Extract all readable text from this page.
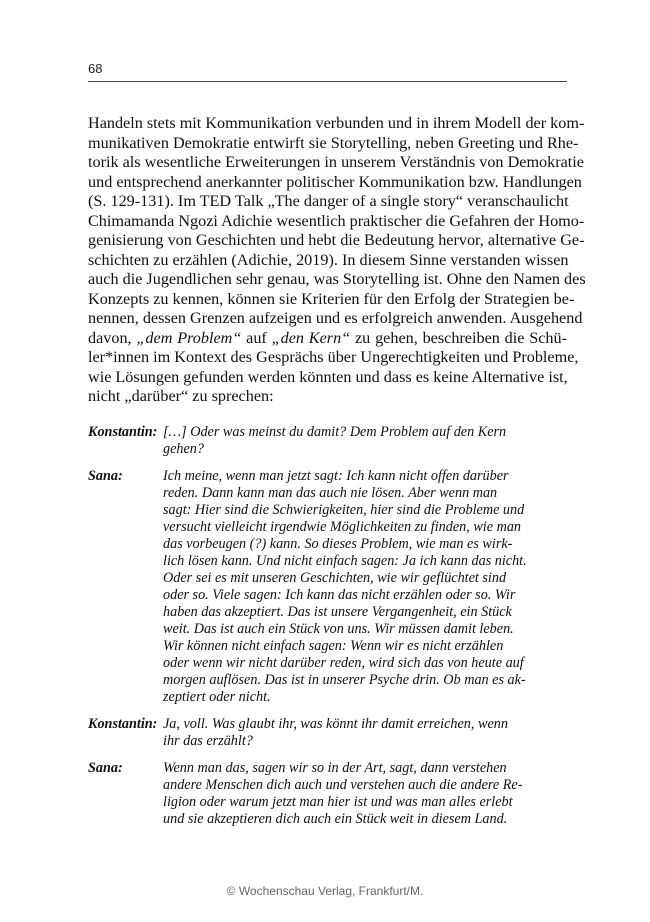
68
Handeln stets mit Kommunikation verbunden und in ihrem Modell der kom-
munikativen Demokratie entwirft sie Storytelling, neben Greeting und Rhe-
torik als wesentliche Erweiterungen in unserem Verständnis von Demokratie
und entsprechend anerkannter politischer Kommunikation bzw. Handlungen
(S. 129-131). Im TED Talk „The danger of a single story“ veranschaulicht
Chimamanda Ngozi Adichie wesentlich praktischer die Gefahren der Homo-
genisierung von Geschichten und hebt die Bedeutung hervor, alternative Ge-
schichten zu erzählen (Adichie, 2019). In diesem Sinne verstanden wissen
auch die Jugendlichen sehr genau, was Storytelling ist. Ohne den Namen des
Konzepts zu kennen, können sie Kriterien für den Erfolg der Strategien be-
nennen, dessen Grenzen aufzeigen und es erfolgreich anwenden. Ausgehend
davon, „dem Problem“ auf „den Kern“ zu gehen, beschreiben die Schü-
ler*innen im Kontext des Gesprächs über Ungerechtigkeiten und Probleme,
wie Lösungen gefunden werden könnten und dass es keine Alternative ist,
nicht „darüber“ zu sprechen:
Konstantin: […] Oder was meinst du damit? Dem Problem auf den Kern
gehen?
Sana:	Ich meine, wenn man jetzt sagt: Ich kann nicht offen darüber
reden. Dann kann man das auch nie lösen. Aber wenn man
sagt: Hier sind die Schwierigkeiten, hier sind die Probleme und
versucht vielleicht irgendwie Möglichkeiten zu finden, wie man
das vorbeugen (?) kann. So dieses Problem, wie man es wirk-
lich lösen kann. Und nicht einfach sagen: Ja ich kann das nicht.
Oder sei es mit unseren Geschichten, wie wir geflüchtet sind
oder so. Viele sagen: Ich kann das nicht erzählen oder so. Wir
haben das akzeptiert. Das ist unsere Vergangenheit, ein Stück
weit. Das ist auch ein Stück von uns. Wir müssen damit leben.
Wir können nicht einfach sagen: Wenn wir es nicht erzählen
oder wenn wir nicht darüber reden, wird sich das von heute auf
morgen auflösen. Das ist in unserer Psyche drin. Ob man es ak-
zeptiert oder nicht.
Konstantin: Ja, voll. Was glaubt ihr, was könnt ihr damit erreichen, wenn
ihr das erzählt?
Sana:	Wenn man das, sagen wir so in der Art, sagt, dann verstehen
andere Menschen dich auch und verstehen auch die andere Re-
ligion oder warum jetzt man hier ist und was man alles erlebt
und sie akzeptieren dich auch ein Stück weit in diesem Land.
© Wochenschau Verlag, Frankfurt/M.
